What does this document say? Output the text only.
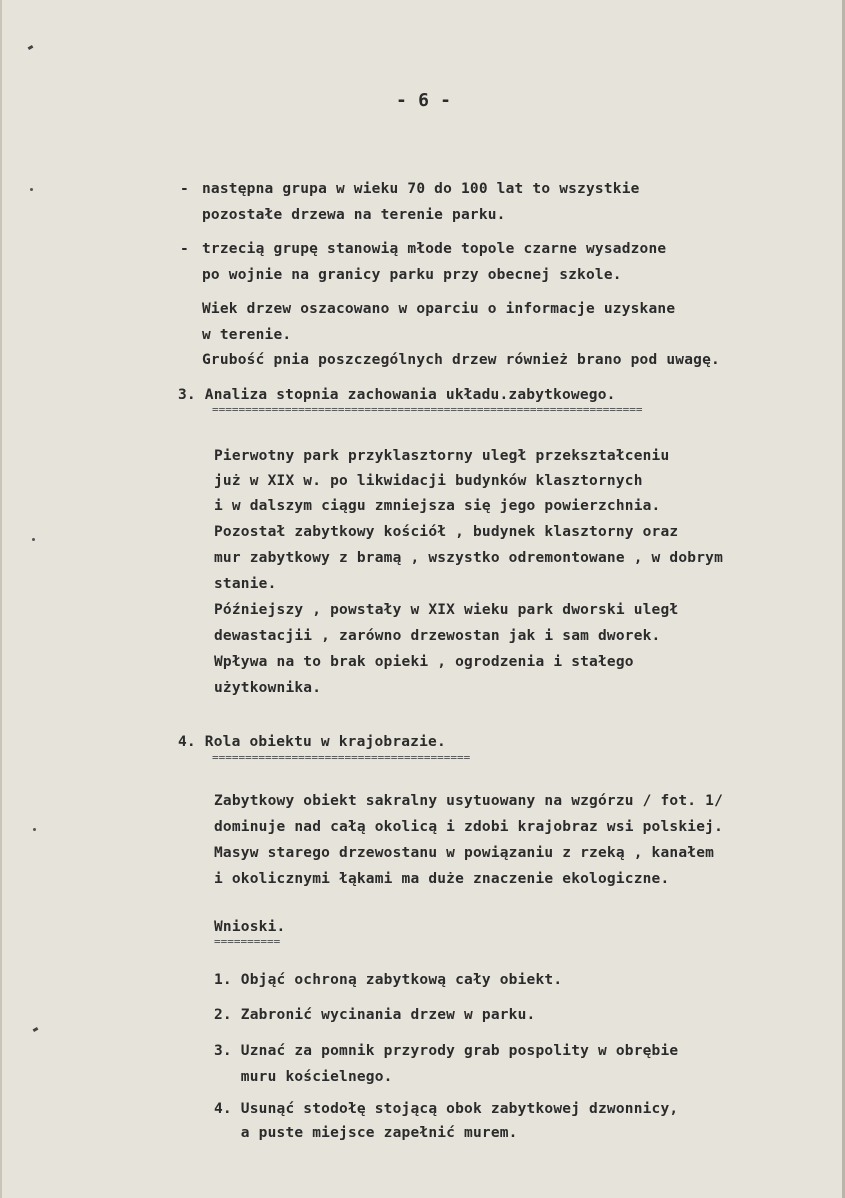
- 6 -
- następna grupa w wieku 70 do 100 lat to wszystkie
pozostałe drzewa na terenie parku.
- trzecią grupę stanowią młode topole czarne wysadzone
po wojnie na granicy parku przy obecnej szkole.
Wiek drzew oszacowano w oparciu o informacje uzyskane
w terenie.
Grubość pnia poszczególnych drzew również brano pod uwagę.
3. Analiza stopnia zachowania układu.zabytkowego.
=================================================================
Pierwotny park przyklasztorny uległ przekształceniu
już w XIX w. po likwidacji budynków klasztornych
i w dalszym ciągu zmniejsza się jego powierzchnia.
Pozostał zabytkowy kościół , budynek klasztorny oraz
mur zabytkowy z bramą , wszystko odremontowane , w dobrym
stanie.
Późniejszy , powstały w XIX wieku park dworski uległ
dewastacjii , zarówno drzewostan jak i sam dworek.
Wpływa na to brak opieki , ogrodzenia i stałego
użytkownika.
4. Rola obiektu w krajobrazie.
=======================================
Zabytkowy obiekt sakralny usytuowany na wzgórzu / fot. 1/
dominuje nad całą okolicą i zdobi krajobraz wsi polskiej.
Masyw starego drzewostanu w powiązaniu z rzeką , kanałem
i okolicznymi łąkami ma duże znaczenie ekologiczne.
Wnioski.
==========
1. Objąć ochroną zabytkową cały obiekt.
2. Zabronić wycinania drzew w parku.
3. Uznać za pomnik przyrody grab pospolity w obrębie
muru kościelnego.
4. Usunąć stodołę stojącą obok zabytkowej dzwonnicy,
a puste miejsce zapełnić murem.
